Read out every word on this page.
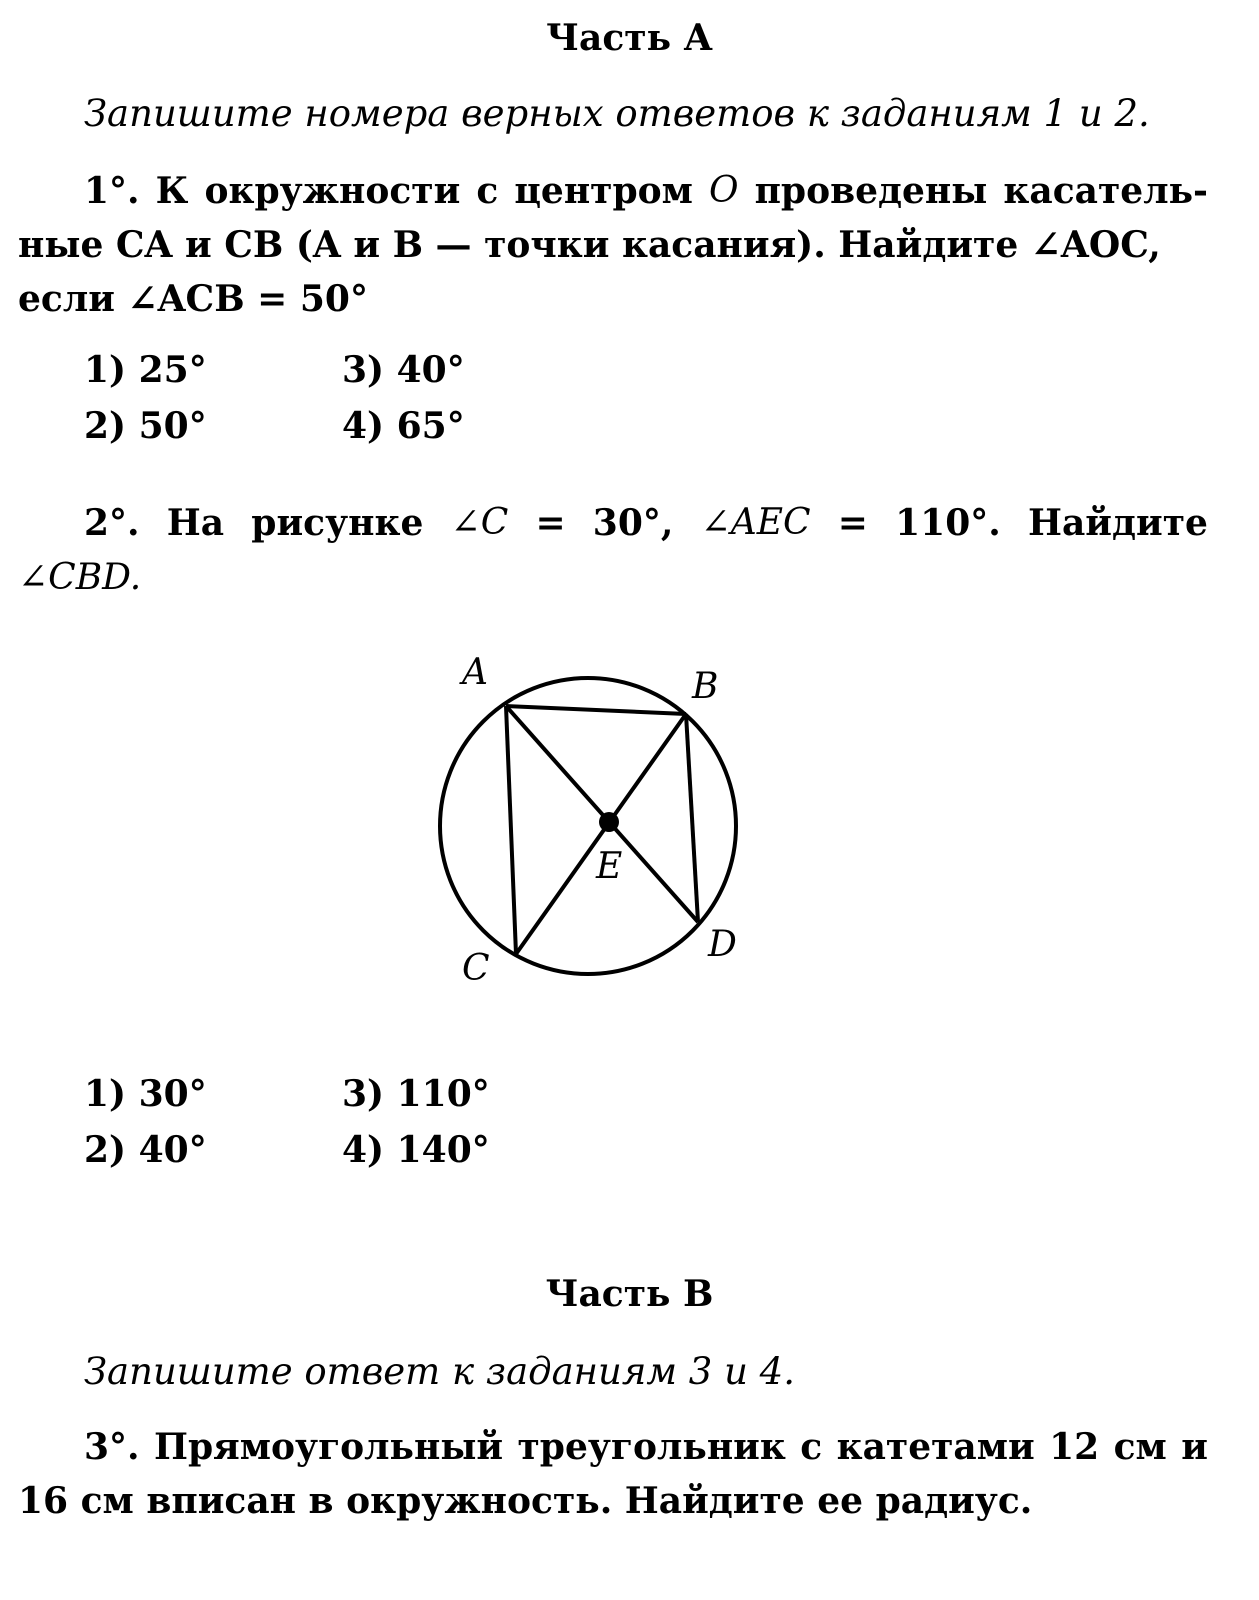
Часть А
Запишите номера верных ответов к заданиям 1 и 2.
1°. К окружности с центром O проведены касатель-
ные CA и CB (A и B — точки касания). Найдите ∠AOC,
если ∠ACB = 50°
1) 25°	3) 40°
2) 50°	4) 65°
2°. На рисунке ∠C = 30°, ∠AEC = 110°. Найдите
∠CBD.
A	B
C
D
E
1) 30°	3) 110°
2) 40°	4) 140°
Часть В
Запишите ответ к заданиям 3 и 4.
3°. Прямоугольный треугольник с катетами 12 см и
16 см вписан в окружность. Найдите ее радиус.
